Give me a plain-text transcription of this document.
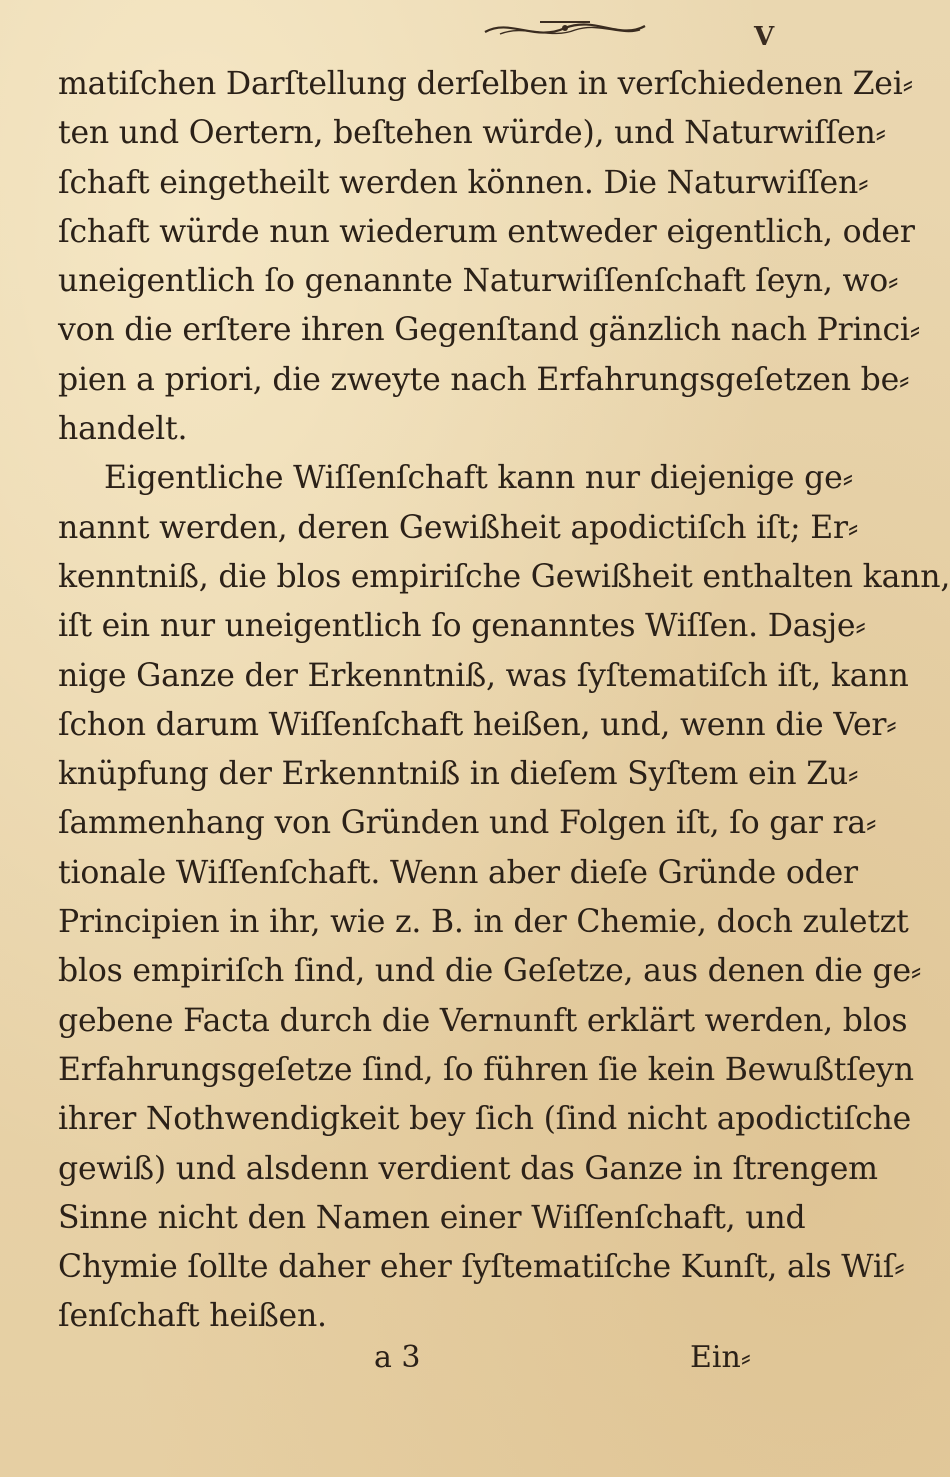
V
matiſchen Darſtellung derſelben in verſchiedenen Zei⸗
ten und Oertern, beſtehen würde), und Naturwiſſen⸗
ſchaft eingetheilt werden können. Die Naturwiſſen⸗
ſchaft würde nun wiederum entweder eigentlich, oder
uneigentlich ſo genannte Naturwiſſenſchaft ſeyn, wo⸗
von die erſtere ihren Gegenſtand gänzlich nach Princi⸗
pien a priori, die zweyte nach Erfahrungsgeſetzen be⸗
handelt.
Eigentliche Wiſſenſchaft kann nur diejenige ge⸗
nannt werden, deren Gewißheit apodictiſch iſt; Er⸗
kenntniß, die blos empiriſche Gewißheit enthalten kann,
iſt ein nur uneigentlich ſo genanntes Wiſſen. Dasje⸗
nige Ganze der Erkenntniß, was ſyſtematiſch iſt, kann
ſchon darum Wiſſenſchaft heißen, und, wenn die Ver⸗
knüpfung der Erkenntniß in dieſem Syſtem ein Zu⸗
ſammenhang von Gründen und Folgen iſt, ſo gar ra⸗
tionale Wiſſenſchaft. Wenn aber dieſe Gründe oder
Principien in ihr, wie z. B. in der Chemie, doch zuletzt
blos empiriſch ſind, und die Geſetze, aus denen die ge⸗
gebene Facta durch die Vernunft erklärt werden, blos
Erfahrungsgeſetze ſind, ſo führen ſie kein Bewußtſeyn
ihrer Nothwendigkeit bey ſich (ſind nicht apodictiſche
gewiß) und alsdenn verdient das Ganze in ſtrengem
Sinne nicht den Namen einer Wiſſenſchaft, und
Chymie ſollte daher eher ſyſtematiſche Kunſt, als Wiſ⸗
ſenſchaft heißen.
a 3	Ein⸗
